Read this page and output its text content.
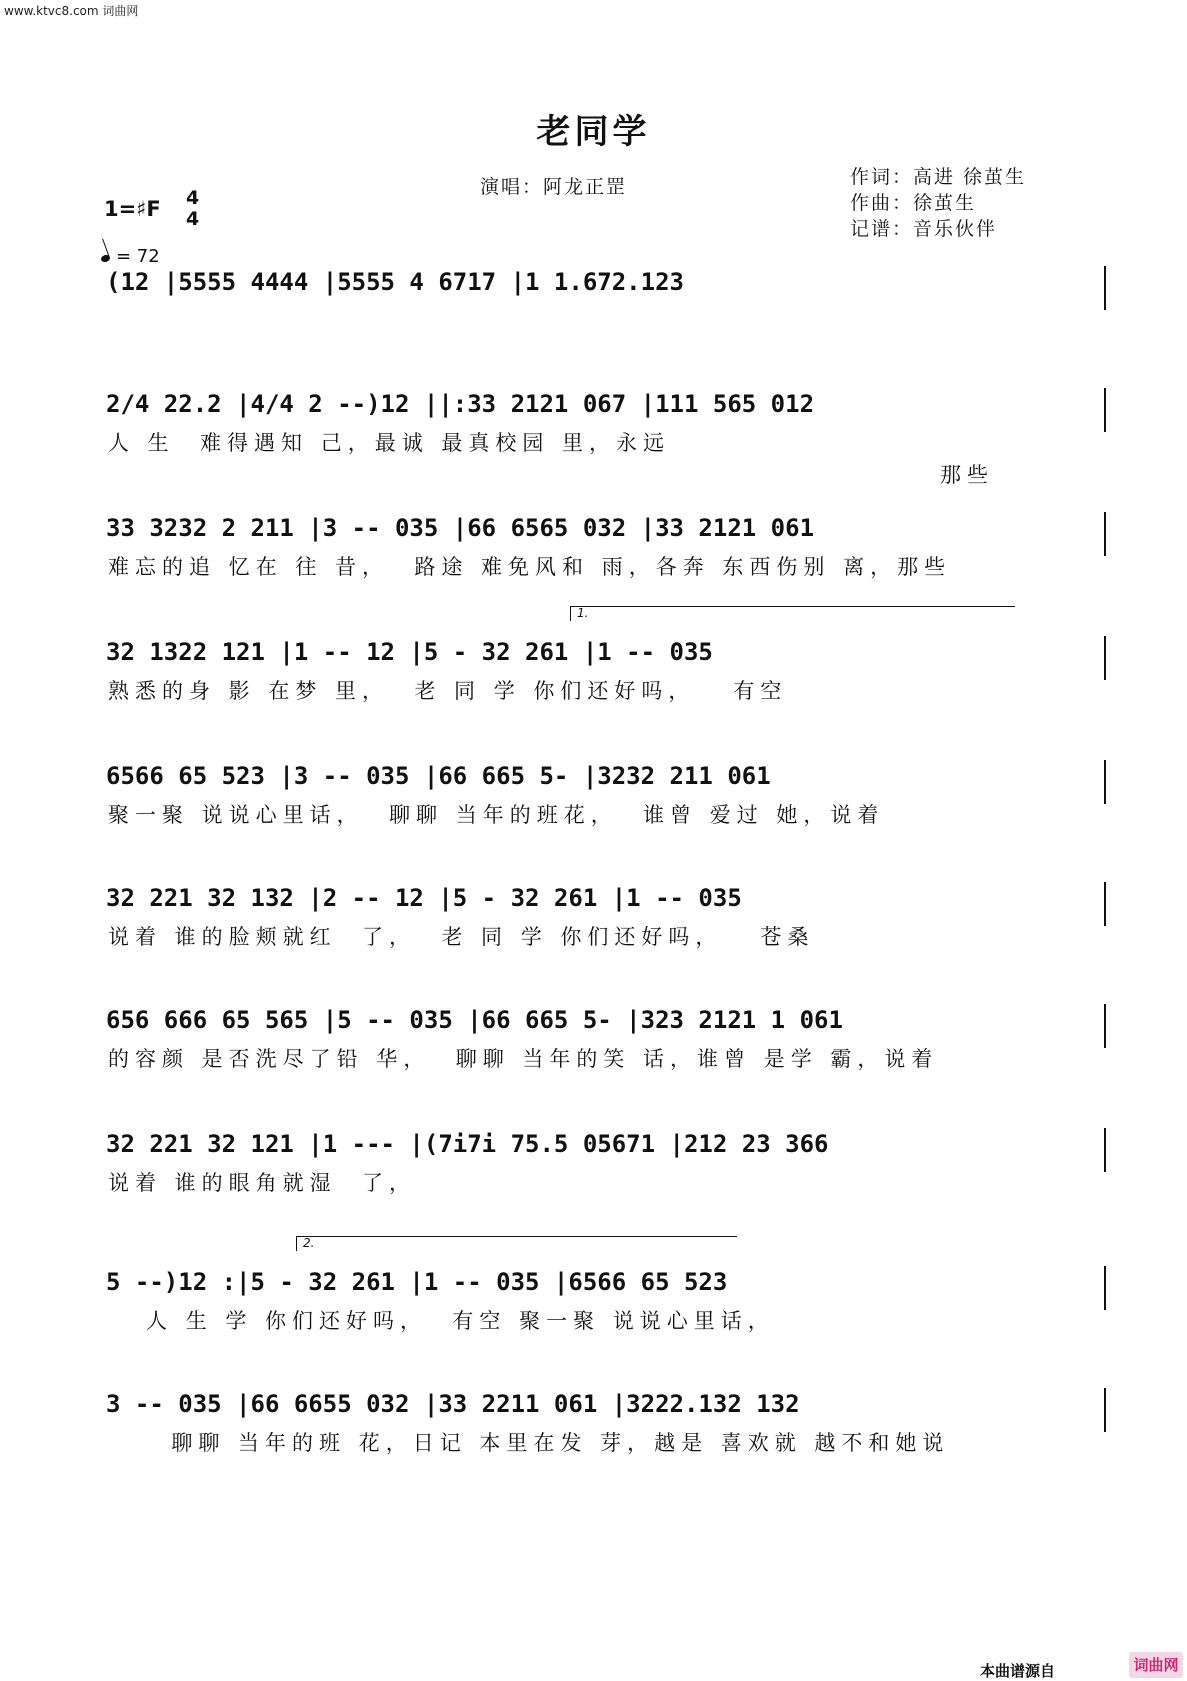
www.ktvc8.com 词曲网
老同学
演唱：阿龙正罡	作词：高进 徐茧生
作曲：徐茧生
记谱：音乐伙伴
1=♯F 4
4
= 72
(12 |5555 4444 |5555 4 6717 |1 1.672.123
2/4 22.2 |4/4 2 --)12 ||:33 2121 067 |111 565 012
人 生  难得遇知 己，最诚 最真校园 里，永远
那些
33 3232 2 211 |3 -- 035 |66 6565 032 |33 2121 061
难忘的追 忆在 往 昔，  路途 难免风和 雨，各奔 东西伤别 离，那些
1.
32 1322 121 |1 -- 12 |5 - 32 261 |1 -- 035
熟悉的身 影 在梦 里，  老 同 学 你们还好吗，   有空
6566 65 523 |3 -- 035 |66 665 5- |3232 211 061
聚一聚 说说心里话，  聊聊 当年的班花，  谁曾 爱过 她，说着
32 221 32 132 |2 -- 12 |5 - 32 261 |1 -- 035
说着 谁的脸颊就红  了，  老 同 学 你们还好吗，   苍桑
656 666 65 565 |5 -- 035 |66 665 5- |323 2121 1 061
的容颜 是否洗尽了铅 华，  聊聊 当年的笑 话，谁曾 是学 霸，说着
32 221 32 121 |1 --- |(7i7i 75.5 05671 |212 23 366
说着 谁的眼角就湿  了，
2.
5 --)12 :|5 - 32 261 |1 -- 035 |6566 65 523
人 生 学 你们还好吗，  有空 聚一聚 说说心里话，
3 -- 035 |66 6655 032 |33 2211 061 |3222.132 132
聊聊 当年的班 花，日记 本里在发 芽，越是 喜欢就 越不和她说
本曲谱源自	词曲网
